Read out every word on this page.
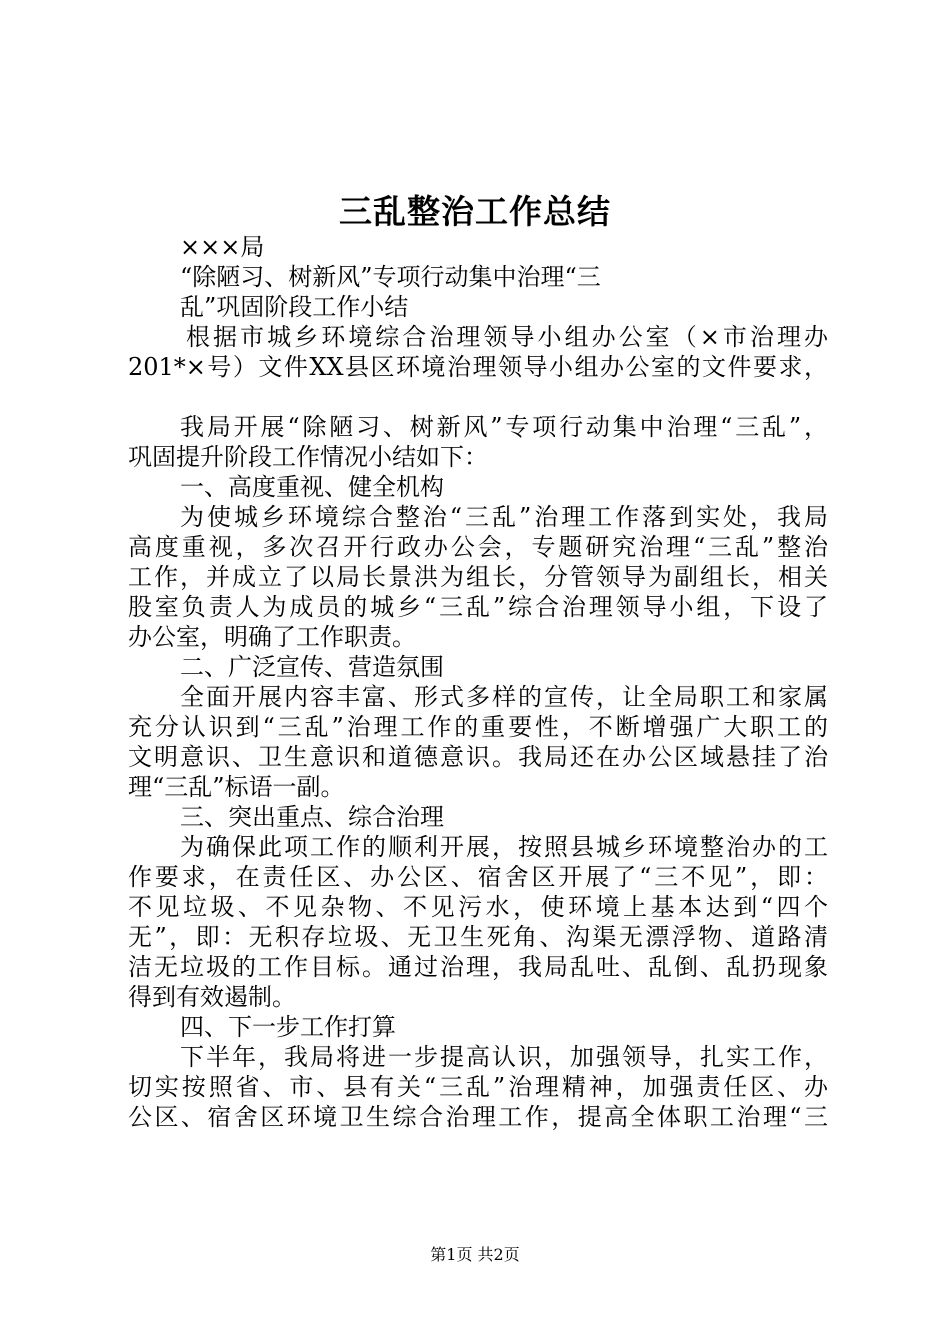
三乱整治工作总结
×××局
“除陋习、树新风”专项行动集中治理“三
乱”巩固阶段工作小结
根据市城乡环境综合治理领导小组办公室（×市治理办
201*×号）文件XX县区环境治理领导小组办公室的文件要求，
我局开展“除陋习、树新风”专项行动集中治理“三乱”，
巩固提升阶段工作情况小结如下：
一、高度重视、健全机构
为使城乡环境综合整治“三乱”治理工作落到实处，我局
高度重视，多次召开行政办公会，专题研究治理“三乱”整治
工作，并成立了以局长景洪为组长，分管领导为副组长，相关
股室负责人为成员的城乡“三乱”综合治理领导小组，下设了
办公室，明确了工作职责。
二、广泛宣传、营造氛围
全面开展内容丰富、形式多样的宣传，让全局职工和家属
充分认识到“三乱”治理工作的重要性，不断增强广大职工的
文明意识、卫生意识和道德意识。我局还在办公区域悬挂了治
理“三乱”标语一副。
三、突出重点、综合治理
为确保此项工作的顺利开展，按照县城乡环境整治办的工
作要求，在责任区、办公区、宿舍区开展了“三不见”，即：
不见垃圾、不见杂物、不见污水，使环境上基本达到“四个
无”，即：无积存垃圾、无卫生死角、沟渠无漂浮物、道路清
洁无垃圾的工作目标。通过治理，我局乱吐、乱倒、乱扔现象
得到有效遏制。
四、下一步工作打算
下半年，我局将进一步提高认识，加强领导，扎实工作，
切实按照省、市、县有关“三乱”治理精神，加强责任区、办
公区、宿舍区环境卫生综合治理工作，提高全体职工治理“三
第1页 共2页
